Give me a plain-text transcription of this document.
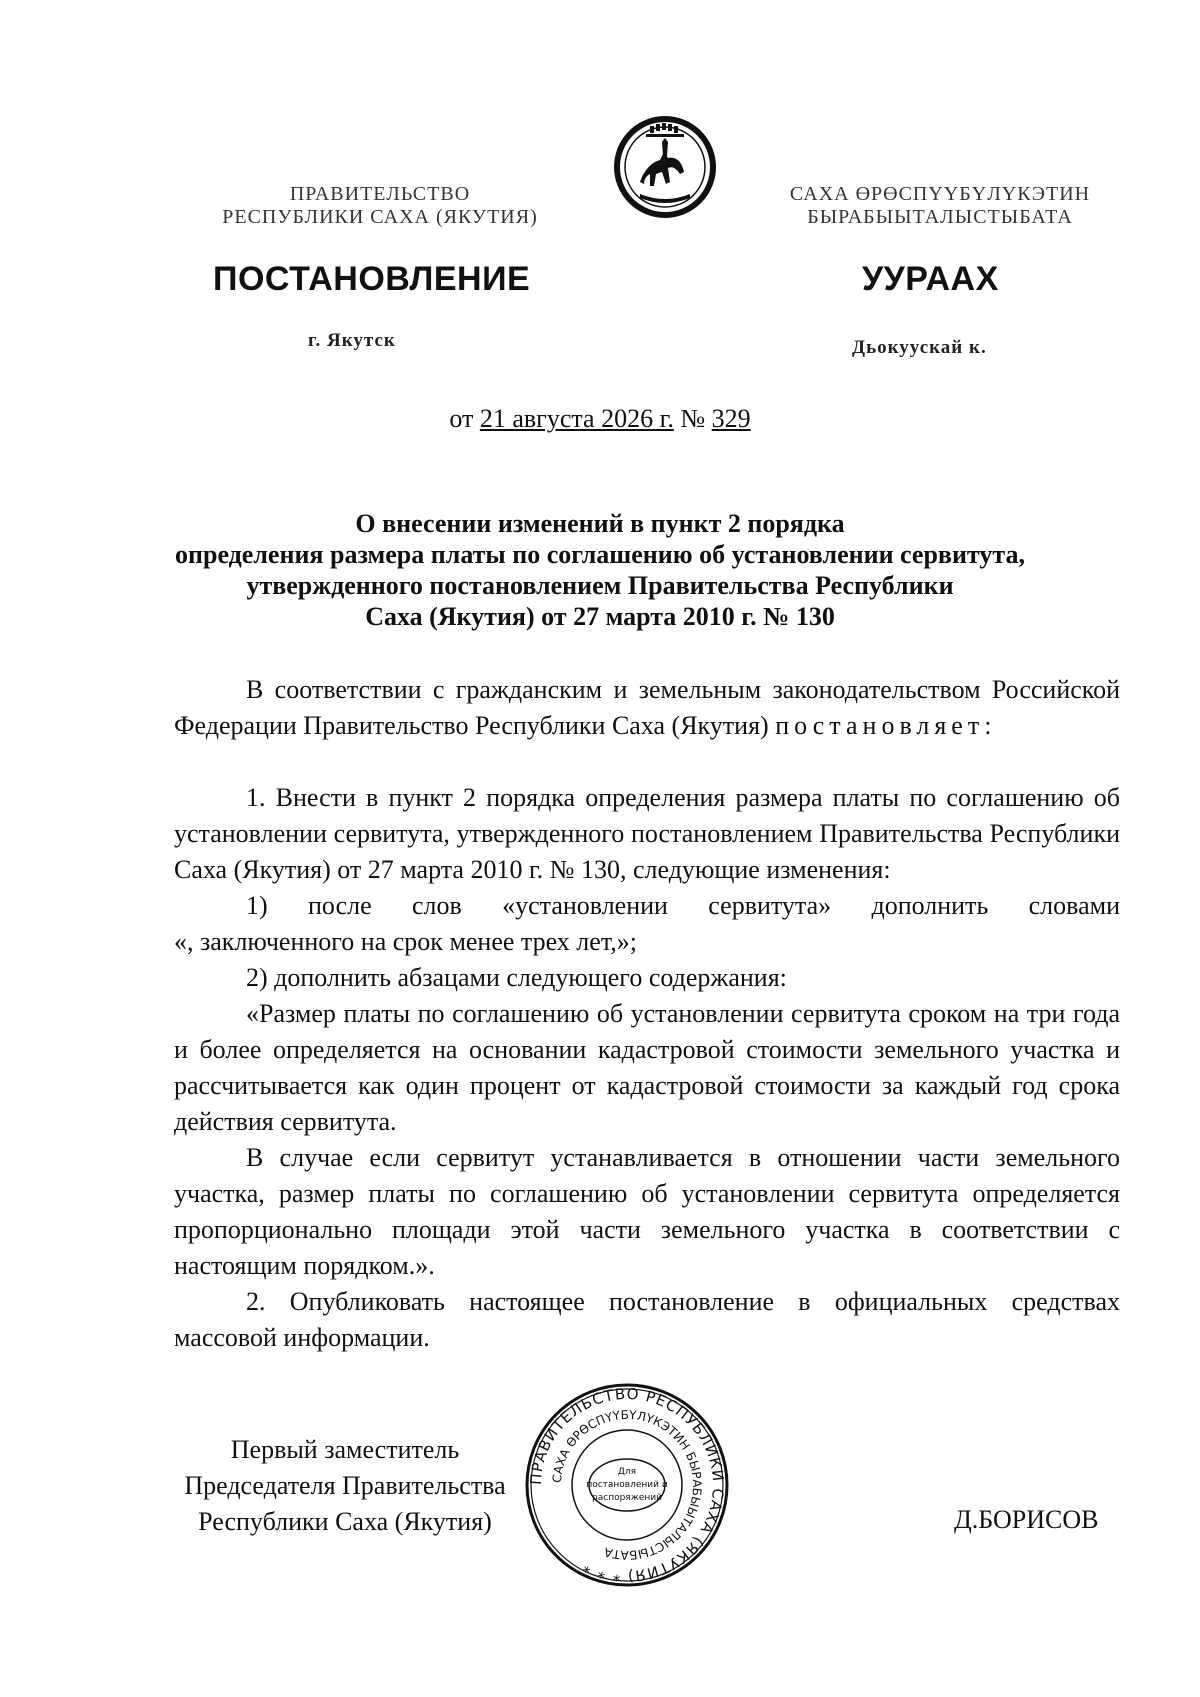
ПРАВИТЕЛЬСТВО
РЕСПУБЛИКИ САХА (ЯКУТИЯ)
САХА ӨРӨСПҮҮБҮЛҮКЭТИН
БЫРАБЫЫТАЛЫСТЫБАТА
ПОСТАНОВЛЕНИЕ	УУРААХ
г. Якутск	Дьокуускай к.
от 21 августа 2026 г. № 329
О внесении изменений в пункт 2 порядка
определения размера платы по соглашению об установлении сервитута,
утвержденного постановлением Правительства Республики
Саха (Якутия) от 27 марта 2010 г. № 130

В соответствии с гражданским и земельным законодательством Российской Федерации Правительство Республики Саха (Якутия) постановляет:

1. Внести в пункт 2 порядка определения размера платы по соглашению об установлении сервитута, утвержденного постановлением Правительства Республики Саха (Якутия) от 27 марта 2010 г. № 130, следующие изменения:

1) после слов «установлении сервитута» дополнить словами

«, заключенного на срок менее трех лет,»;

2) дополнить абзацами следующего содержания:

«Размер платы по соглашению об установлении сервитута сроком на три года и более определяется на основании кадастровой стоимости земельного участка и рассчитывается как один процент от кадастровой стоимости за каждый год срока действия сервитута.

В случае если сервитут устанавливается в отношении части земельного участка, размер платы по соглашению об установлении сервитута определяется пропорционально площади этой части земельного участка в соответствии с настоящим порядком.».

2. Опубликовать настоящее постановление в официальных средствах массовой информации.

Первый заместитель
Председателя Правительства
Республики Саха (Якутия)
ПРАВИТЕЛЬСТВО РЕСПУБЛИКИ САХА (ЯКУТИЯ) * * *
САХА ӨРӨСПҮҮБҮЛҮКЭТИН БЫРАБЫЫТАЛЫСТЫБАТА
Для
постановлений и
распоряжений
Д.БОРИСОВ
